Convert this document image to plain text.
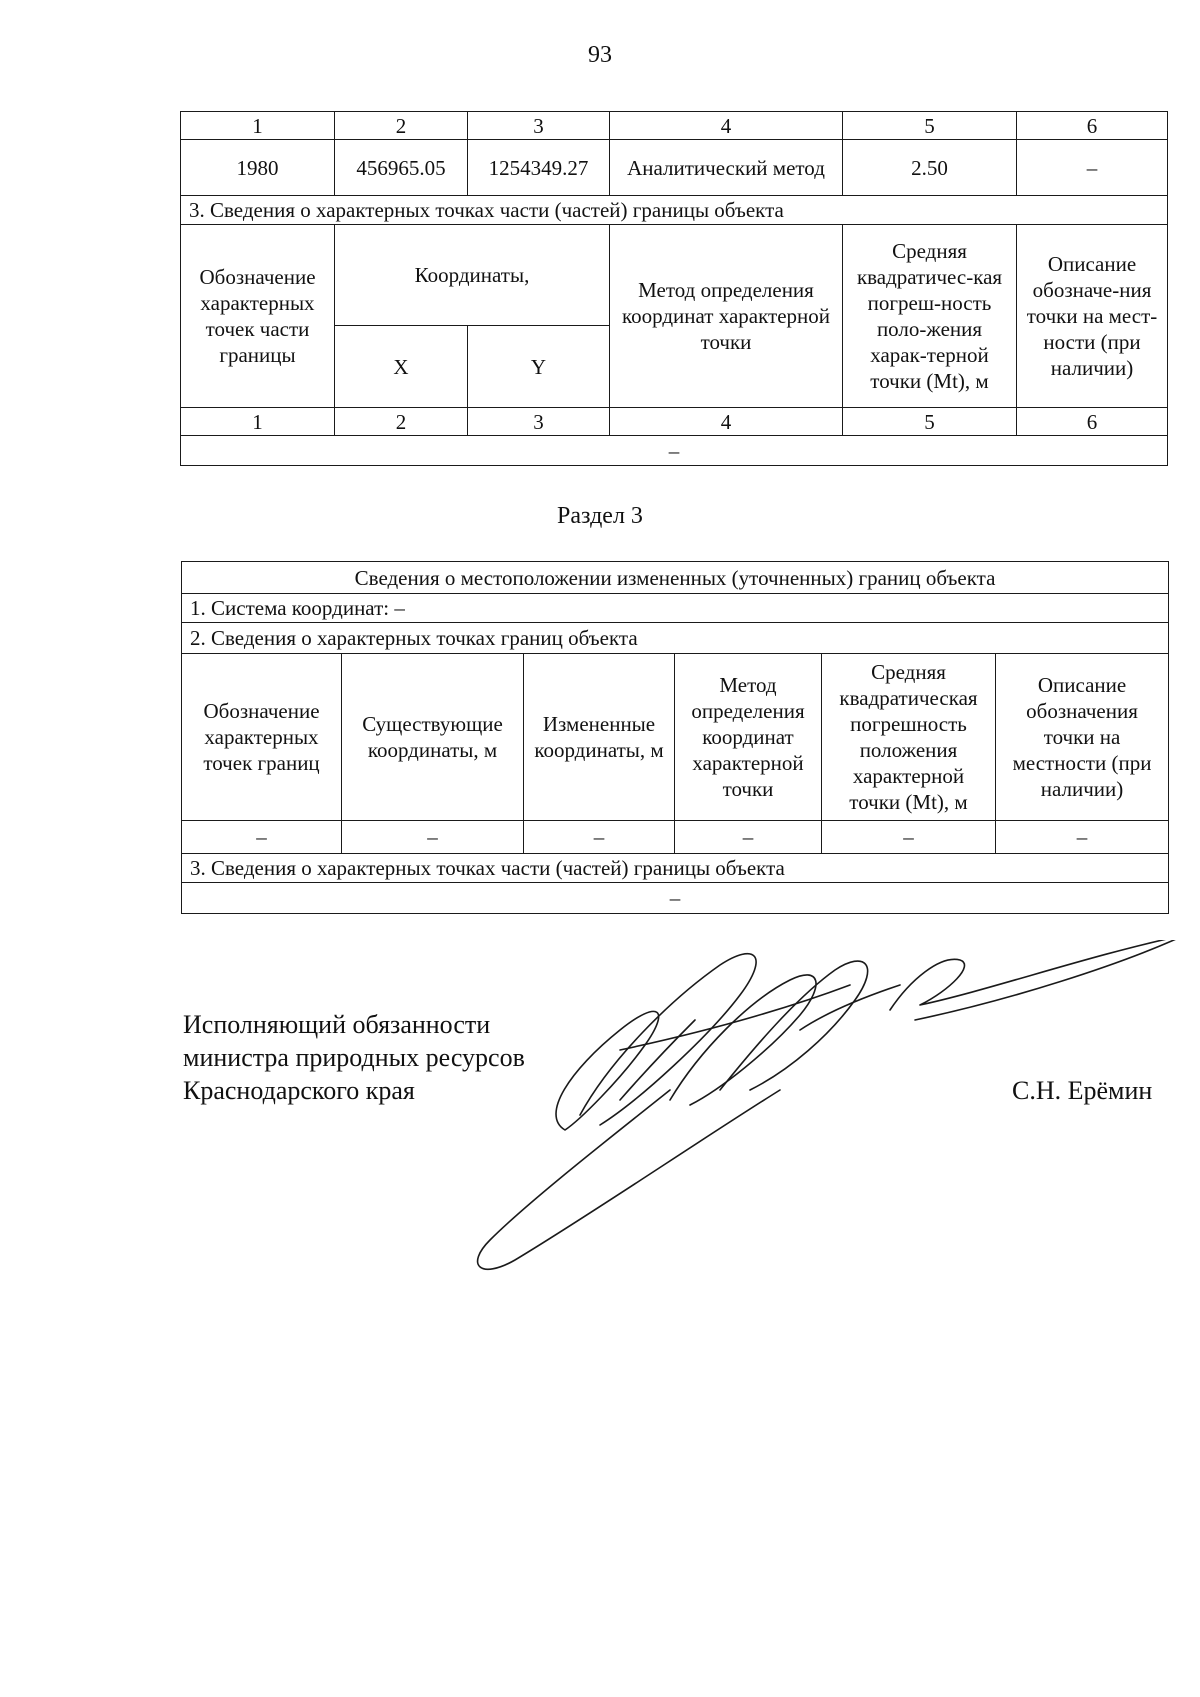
93
1	2	3	4	5	6
1980	456965.05	1254349.27	Аналитический метод	2.50	–
3. Сведения о характерных точках части (частей) границы объекта					
Обозначение характерных точек части границы	Координаты,		Метод определения координат характерной точки	Средняя квадратичес-кая погреш-ность поло-жения харак-терной точки (Mt), м	Описание обозначе-ния точки на мест-ности (при наличии)
	X	Y			
1	2	3	4	5	6
–					
Раздел 3
Сведения о местоположении измененных (уточненных) границ объекта					
1. Система координат: –					
2. Сведения о характерных точках границ объекта					
Обозначение характерных точек границ	Существующие координаты, м	Измененные координаты, м	Метод определения координат характерной точки	Средняя квадратическая погрешность положения характерной точки (Mt), м	Описание обозначения точки на местности (при наличии)
–	–	–	–	–	–
3. Сведения о характерных точках части (частей) границы объекта					
–					
Исполняющий обязанности
министра природных ресурсов
Краснодарского края	С.Н. Ерёмин
